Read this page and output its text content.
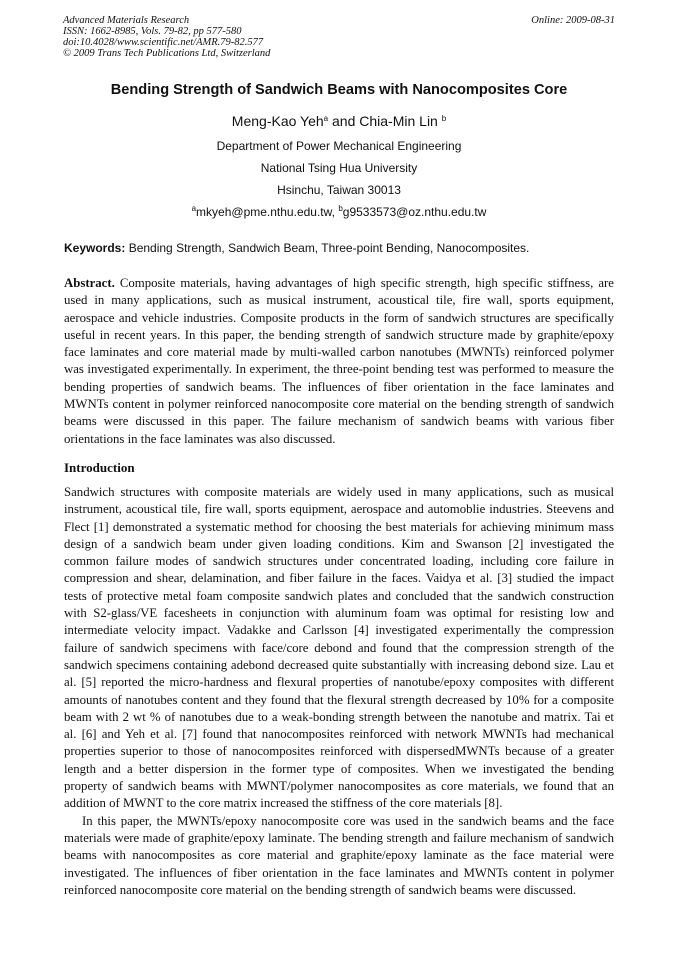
Advanced Materials Research
ISSN: 1662-8985, Vols. 79-82, pp 577-580
doi:10.4028/www.scientific.net/AMR.79-82.577
© 2009 Trans Tech Publications Ltd, Switzerland
Online: 2009-08-31
Bending Strength of Sandwich Beams with Nanocomposites Core
Meng-Kao Yeh$^a$ and Chia-Min Lin $^b$
Department of Power Mechanical Engineering
National Tsing Hua University
Hsinchu, Taiwan 30013
$^a$mkyeh@pme.nthu.edu.tw, $^b$g9533573@oz.nthu.edu.tw
Keywords: Bending Strength, Sandwich Beam, Three-point Bending, Nanocomposites.

Abstract. Composite materials, having advantages of high specific strength, high specific stiffness, are used in many applications, such as musical instrument, acoustical tile, fire wall, sports equipment, aerospace and vehicle industries. Composite products in the form of sandwich structures are specifically useful in recent years. In this paper, the bending strength of sandwich structure made by graphite/epoxy face laminates and core material made by multi-walled carbon nanotubes (MWNTs) reinforced polymer was investigated experimentally. In experiment, the three-point bending test was performed to measure the bending properties of sandwich beams. The influences of fiber orientation in the face laminates and MWNTs content in polymer reinforced nanocomposite core material on the bending strength of sandwich beams were discussed in this paper. The failure mechanism of sandwich beams with various fiber orientations in the face laminates was also discussed.

Introduction

Sandwich structures with composite materials are widely used in many applications, such as musical instrument, acoustical tile, fire wall, sports equipment, aerospace and automoblie industries. Steevens and Flect [1] demonstrated a systematic method for choosing the best materials for achieving minimum mass design of a sandwich beam under given loading conditions. Kim and Swanson [2] investigated the common failure modes of sandwich structures under concentrated loading, including core failure in compression and shear, delamination, and fiber failure in the faces. Vaidya et al. [3] studied the impact tests of protective metal foam composite sandwich plates and concluded that the sandwich construction with S2-glass/VE facesheets in conjunction with aluminum foam was optimal for resisting low and intermediate velocity impact. Vadakke and Carlsson [4] investigated experimentally the compression failure of sandwich specimens with face/core debond and found that the compression strength of the sandwich specimens containing adebond decreased quite substantially with increasing debond size. Lau et al. [5] reported the micro-hardness and flexural properties of nanotube/epoxy composites with different amounts of nanotubes content and they found that the flexural strength decreased by 10% for a composite beam with 2 wt % of nanotubes due to a weak-bonding strength between the nanotube and matrix. Tai et al. [6] and Yeh et al. [7] found that nanocomposites reinforced with network MWNTs had mechanical properties superior to those of nanocomposites reinforced with dispersedMWNTs because of a greater length and a better dispersion in the former type of composites. When we investigated the bending property of sandwich beams with MWNT/polymer nanocomposites as core materials, we found that an addition of MWNT to the core matrix increased the stiffness of the core materials [8].

In this paper, the MWNTs/epoxy nanocomposite core was used in the sandwich beams and the face materials were made of graphite/epoxy laminate. The bending strength and failure mechanism of sandwich beams with nanocomposites as core material and graphite/epoxy laminate as the face material were investigated. The influences of fiber orientation in the face laminates and MWNTs content in polymer reinforced nanocomposite core material on the bending strength of sandwich beams were discussed.
